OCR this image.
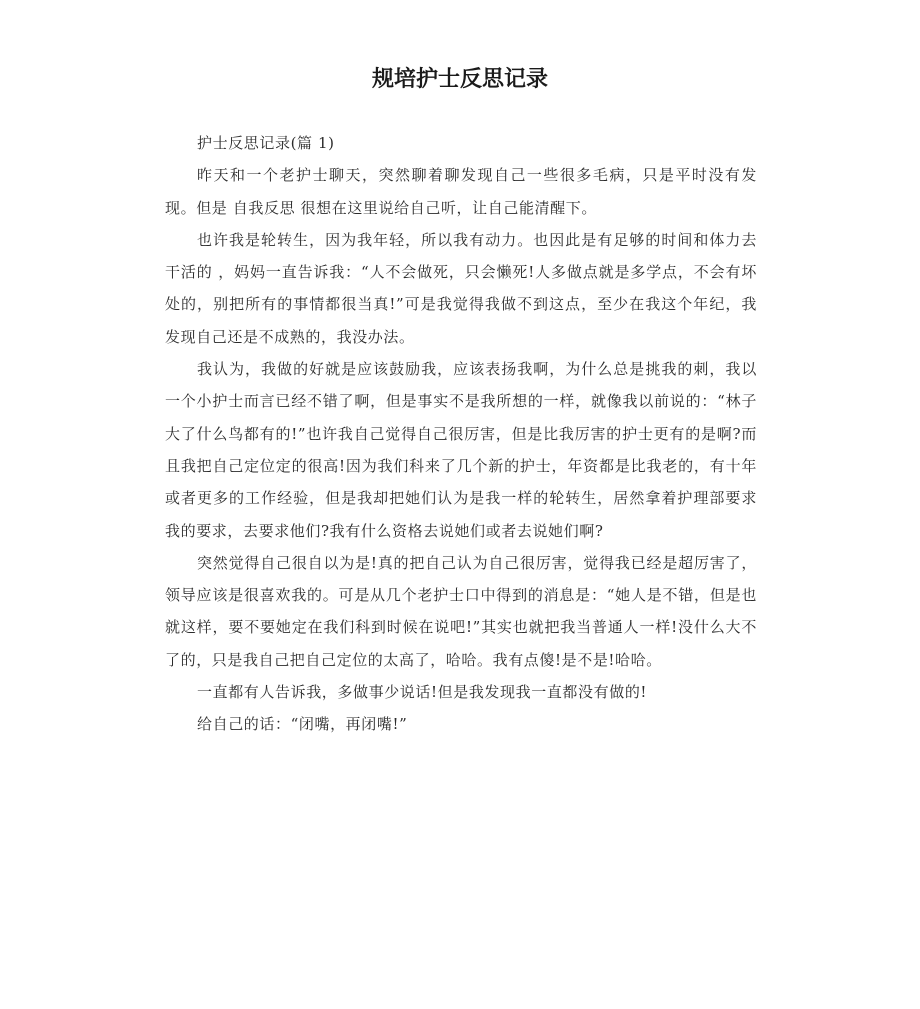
规培护士反思记录

护士反思记录(篇 1)

昨天和一个老护士聊天，突然聊着聊发现自己一些很多毛病，只是平时没有发现。但是 自我反思 很想在这里说给自己听，让自己能清醒下。

也许我是轮转生，因为我年轻，所以我有动力。也因此是有足够的时间和体力去干活的 ，妈妈一直告诉我：“人不会做死，只会懒死!人多做点就是多学点，不会有坏处的，别把所有的事情都很当真!”可是我觉得我做不到这点，至少在我这个年纪，我发现自己还是不成熟的，我没办法。

我认为，我做的好就是应该鼓励我，应该表扬我啊，为什么总是挑我的刺，我以一个小护士而言已经不错了啊，但是事实不是我所想的一样，就像我以前说的：“林子大了什么鸟都有的!”也许我自己觉得自己很厉害，但是比我厉害的护士更有的是啊?而且我把自己定位定的很高!因为我们科来了几个新的护士，年资都是比我老的，有十年或者更多的工作经验，但是我却把她们认为是我一样的轮转生，居然拿着护理部要求我的要求，去要求他们?我有什么资格去说她们或者去说她们啊?

突然觉得自己很自以为是!真的把自己认为自己很厉害，觉得我已经是超厉害了，领导应该是很喜欢我的。可是从几个老护士口中得到的消息是：“她人是不错，但是也就这样，要不要她定在我们科到时候在说吧!”其实也就把我当普通人一样!没什么大不了的，只是我自己把自己定位的太高了，哈哈。我有点傻!是不是!哈哈。

一直都有人告诉我，多做事少说话!但是我发现我一直都没有做的!

给自己的话：“闭嘴，再闭嘴!”
